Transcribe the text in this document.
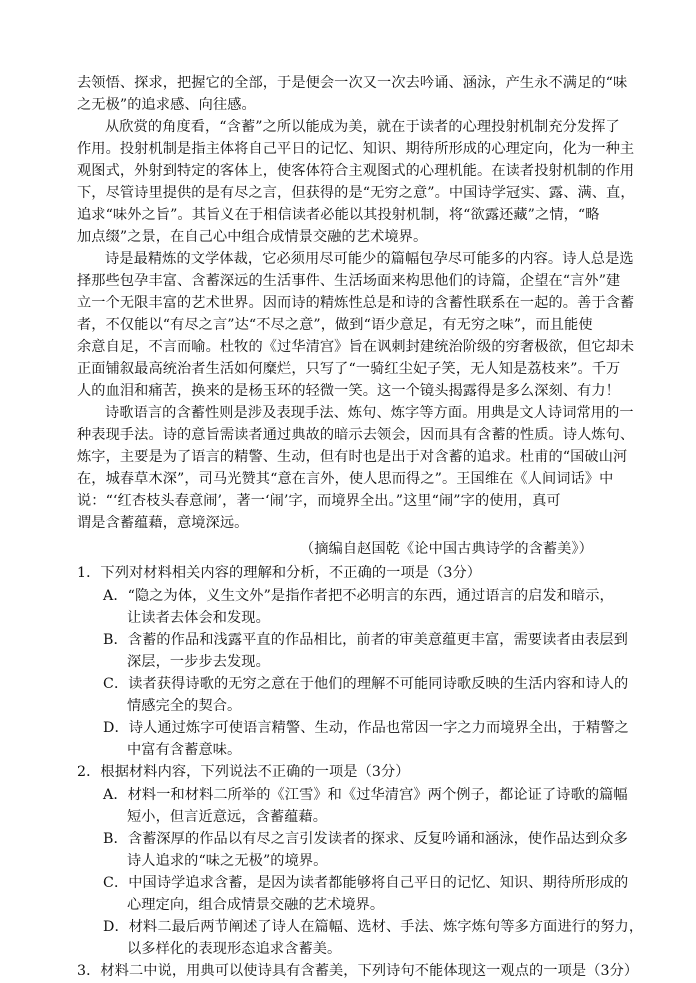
去领悟、探求，把握它的全部，于是便会一次又一次去吟诵、涵泳，产生永不满足的“味
之无极”的追求感、向往感。
从欣赏的角度看，“含蓄”之所以能成为美，就在于读者的心理投射机制充分发挥了
作用。投射机制是指主体将自己平日的记忆、知识、期待所形成的心理定向，化为一种主
观图式，外射到特定的客体上，使客体符合主观图式的心理机能。在读者投射机制的作用
下，尽管诗里提供的是有尽之言，但获得的是“无穷之意”。中国诗学冠实、露、满、直，
追求“味外之旨”。其旨义在于相信读者必能以其投射机制，将“欲露还藏”之情，“略
加点缀”之景，在自己心中组合成情景交融的艺术境界。
诗是最精炼的文学体裁，它必须用尽可能少的篇幅包孕尽可能多的内容。诗人总是选
择那些包孕丰富、含蓄深远的生活事件、生活场面来构思他们的诗篇，企望在“言外”建
立一个无限丰富的艺术世界。因而诗的精炼性总是和诗的含蓄性联系在一起的。善于含蓄
者，不仅能以“有尽之言”达“不尽之意”，做到“语少意足，有无穷之味”，而且能使
余意自足，不言而喻。杜牧的《过华清宫》旨在讽刺封建统治阶级的穷奢极欲，但它却未
正面铺叙最高统治者生活如何糜烂，只写了“一骑红尘妃子笑，无人知是荔枝来”。千万
人的血泪和痛苦，换来的是杨玉环的轻微一笑。这一个镜头揭露得是多么深刻、有力！
诗歌语言的含蓄性则是涉及表现手法、炼句、炼字等方面。用典是文人诗词常用的一
种表现手法。诗的意旨需读者通过典故的暗示去领会，因而具有含蓄的性质。诗人炼句、
炼字，主要是为了语言的精警、生动，但有时也是出于对含蓄的追求。杜甫的“国破山河
在，城春草木深”，司马光赞其“意在言外，使人思而得之”。王国维在《人间词话》中
说：“‘红杏枝头春意闹’，著一‘闹’字，而境界全出。”这里“闹”字的使用，真可
谓是含蓄蕴藉，意境深远。
（摘编自赵国乾《论中国古典诗学的含蓄美》）
1．下列对材料相关内容的理解和分析，不正确的一项是（3分）
A．“隐之为体，义生文外”是指作者把不必明言的东西，通过语言的启发和暗示，
让读者去体会和发现。
B．含蓄的作品和浅露平直的作品相比，前者的审美意蕴更丰富，需要读者由表层到
深层，一步步去发现。
C．读者获得诗歌的无穷之意在于他们的理解不可能同诗歌反映的生活内容和诗人的
情感完全的契合。
D．诗人通过炼字可使语言精警、生动，作品也常因一字之力而境界全出，于精警之
中富有含蓄意味。
2．根据材料内容，下列说法不正确的一项是（3分）
A．材料一和材料二所举的《江雪》和《过华清宫》两个例子，都论证了诗歌的篇幅
短小，但言近意远，含蓄蕴藉。
B．含蓄深厚的作品以有尽之言引发读者的探求、反复吟诵和涵泳，使作品达到众多
诗人追求的“味之无极”的境界。
C．中国诗学追求含蓄，是因为读者都能够将自己平日的记忆、知识、期待所形成的
心理定向，组合成情景交融的艺术境界。
D．材料二最后两节阐述了诗人在篇幅、选材、手法、炼字炼句等多方面进行的努力，
以多样化的表现形态追求含蓄美。
3．材料二中说，用典可以使诗具有含蓄美，下列诗句不能体现这一观点的一项是（3分）
